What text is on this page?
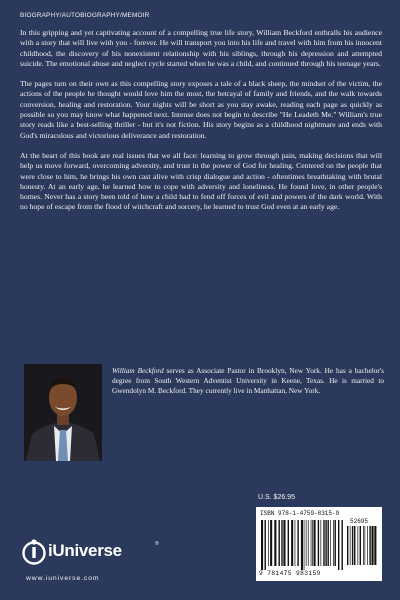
BIOGRAPHY/AUTOBIOGRAPHY/MEMOIR

In this gripping and yet captivating account of a compelling true life story, William Beckford enthralls his audience with a story that will live with you - forever. He will transport you into his life and travel with him from his innocent childhood, the discovery of his nonexistent relationship with his siblings, through his depression and attempted suicide. The emotional abuse and neglect cycle started when he was a child, and continued through his teenage years.

The pages turn on their own as this compelling story exposes a tale of a black sheep, the mindset of the victim, the actions of the people he thought would love him the most, the betrayal of family and friends, and the walk towards conversion, healing and restoration. Your nights will be short as you stay awake, reading each page as quickly as possible so you may know what happened next. Intense does not begin to describe "He Leadeth Me." William's true story reads like a best-selling thriller - but it's not fiction. His story begins as a childhood nightmare and ends with God's miraculous and victorious deliverance and restoration.

At the heart of this book are real issues that we all face: learning to grow through pain, making decisions that will help us move forward, overcoming adversity, and trust in the power of God for healing. Centered on the people that were close to him, he brings his own cast alive with crisp dialogue and action - oftentimes breathtaking with brutal honesty. At an early age, he learned how to cope with adversity and loneliness. He found love, in other people's homes. Never has a story been told of how a child had to fend off forces of evil and powers of the dark world. With no hope of escape from the flood of witchcraft and sorcery, he learned to trust God even at an early age.

William Beckford serves as Associate Pastor in Brooklyn, New York. He has a bachelor's degree from South Western Adventist University in Keene, Texas. He is married to Gwendolyn M. Beckford. They currently live in Manhattan, New York.
U.S. $26.95
ISBN 978-1-4759-8315-9
52695
9 781475 983159
iUniverse	®
www.iuniverse.com
